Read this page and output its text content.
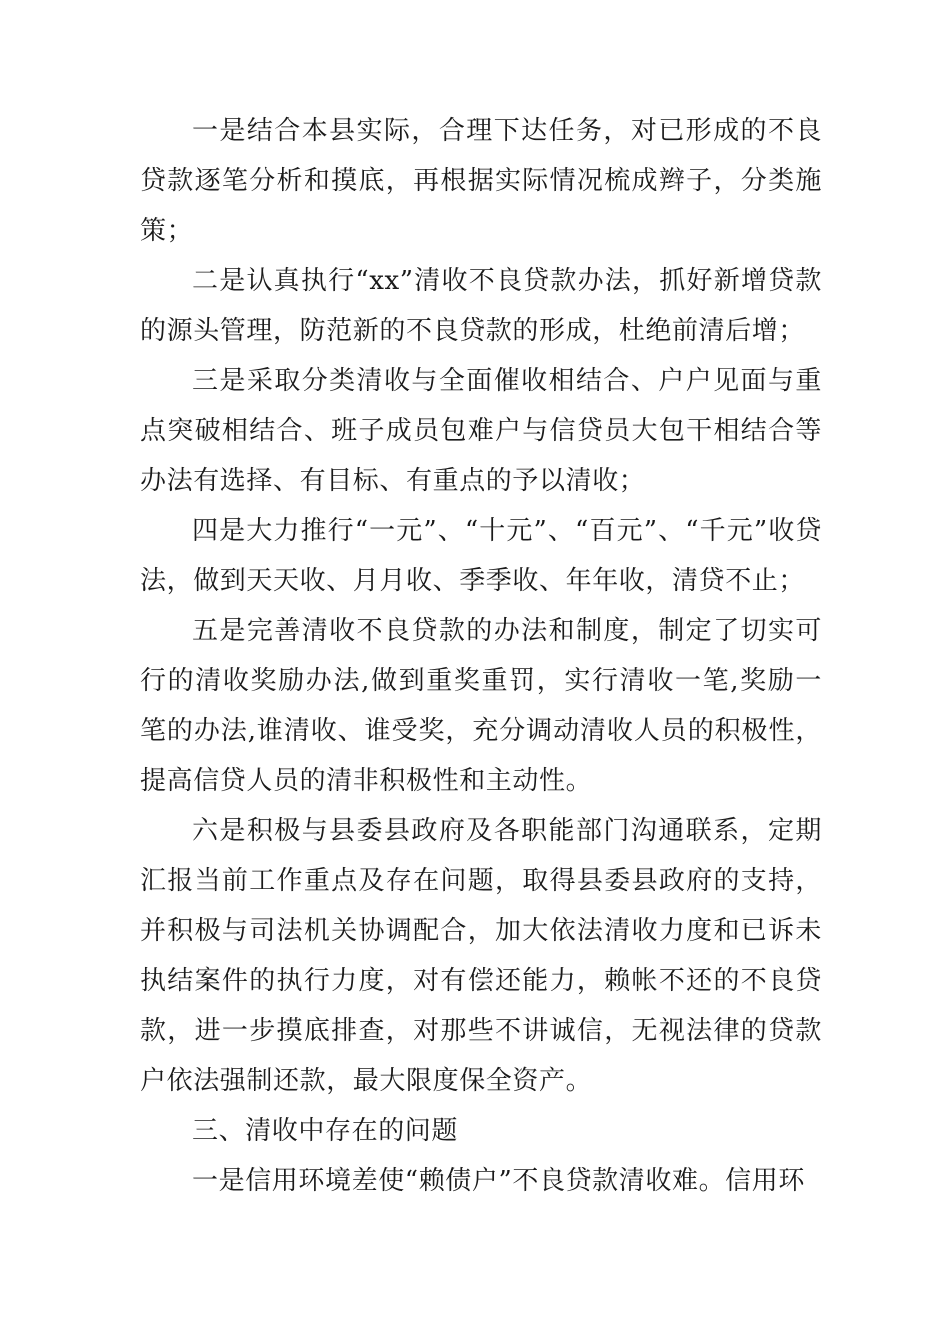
一是结合本县实际，合理下达任务，对已形成的不良贷款逐笔分析和摸底，再根据实际情况梳成辫子，分类施策；

二是认真执行“xx”清收不良贷款办法，抓好新增贷款的源头管理，防范新的不良贷款的形成，杜绝前清后增；

三是采取分类清收与全面催收相结合、户户见面与重点突破相结合、班子成员包难户与信贷员大包干相结合等办法有选择、有目标、有重点的予以清收；

四是大力推行“一元”、“十元”、“百元”、“千元”收贷法，做到天天收、月月收、季季收、年年收，清贷不止；

五是完善清收不良贷款的办法和制度，制定了切实可行的清收奖励办法,做到重奖重罚，实行清收一笔,奖励一笔的办法,谁清收、谁受奖，充分调动清收人员的积极性，提高信贷人员的清非积极性和主动性。

六是积极与县委县政府及各职能部门沟通联系，定期汇报当前工作重点及存在问题，取得县委县政府的支持，并积极与司法机关协调配合，加大依法清收力度和已诉未执结案件的执行力度，对有偿还能力，赖帐不还的不良贷款，进一步摸底排查，对那些不讲诚信，无视法律的贷款户依法强制还款，最大限度保全资产。

三、清收中存在的问题

一是信用环境差使“赖债户”不良贷款清收难。信用环
